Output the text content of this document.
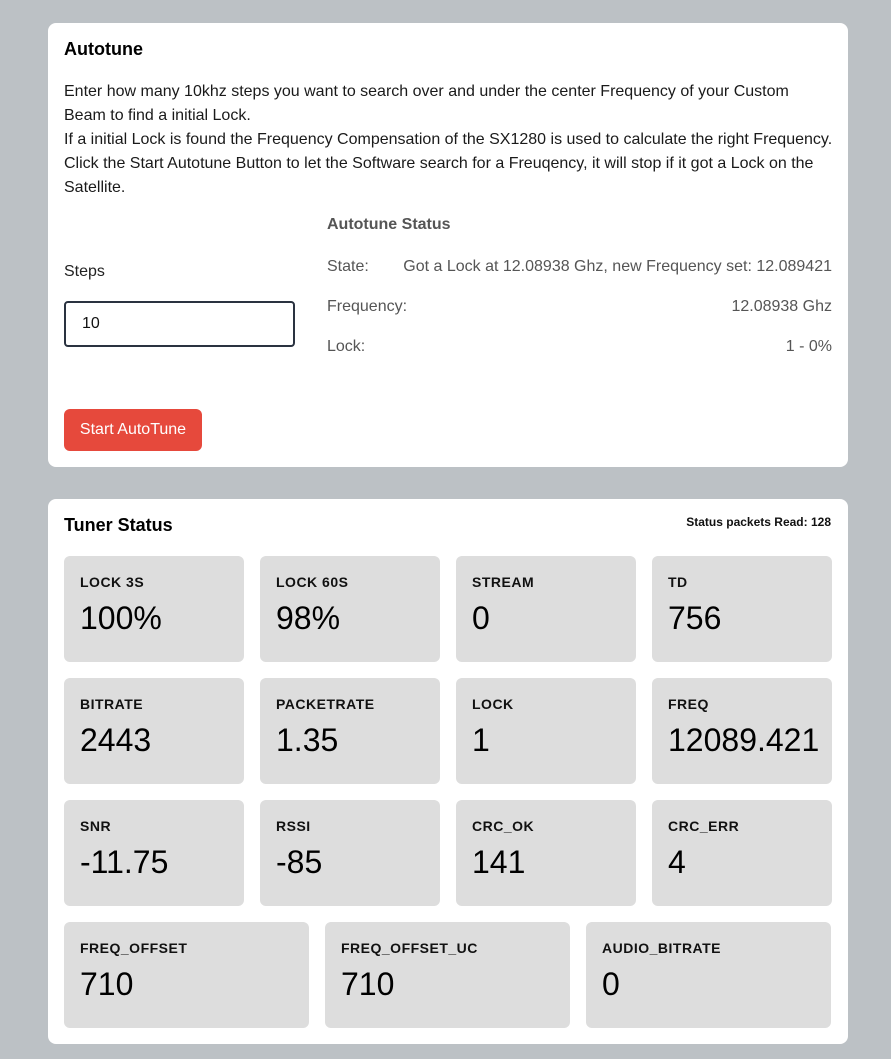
Autotune

Enter how many 10khz steps you want to search over and under the center Frequency of your Custom Beam to find a initial Lock.

If a initial Lock is found the Frequency Compensation of the SX1280 is used to calculate the right Frequency. Click the Start Autotune Button to let the Software search for a Freuqency, it will stop if it got a Lock on the Satellite.

Steps
10
Autotune Status
State:	Got a Lock at 12.08938 Ghz, new Frequency set: 12.089421
Frequency:	12.08938 Ghz
Lock:	1 - 0%
Start AutoTune
Tuner Status	Status packets Read: 128
LOCK 3S
100%
LOCK 60S
98%
STREAM
0
TD
756
BITRATE
2443
PACKETRATE
1.35
LOCK
1
FREQ
12089.421
SNR
-11.75
RSSI
-85
CRC_OK
141
CRC_ERR
4
FREQ_OFFSET
710
FREQ_OFFSET_UC
710
AUDIO_BITRATE
0
